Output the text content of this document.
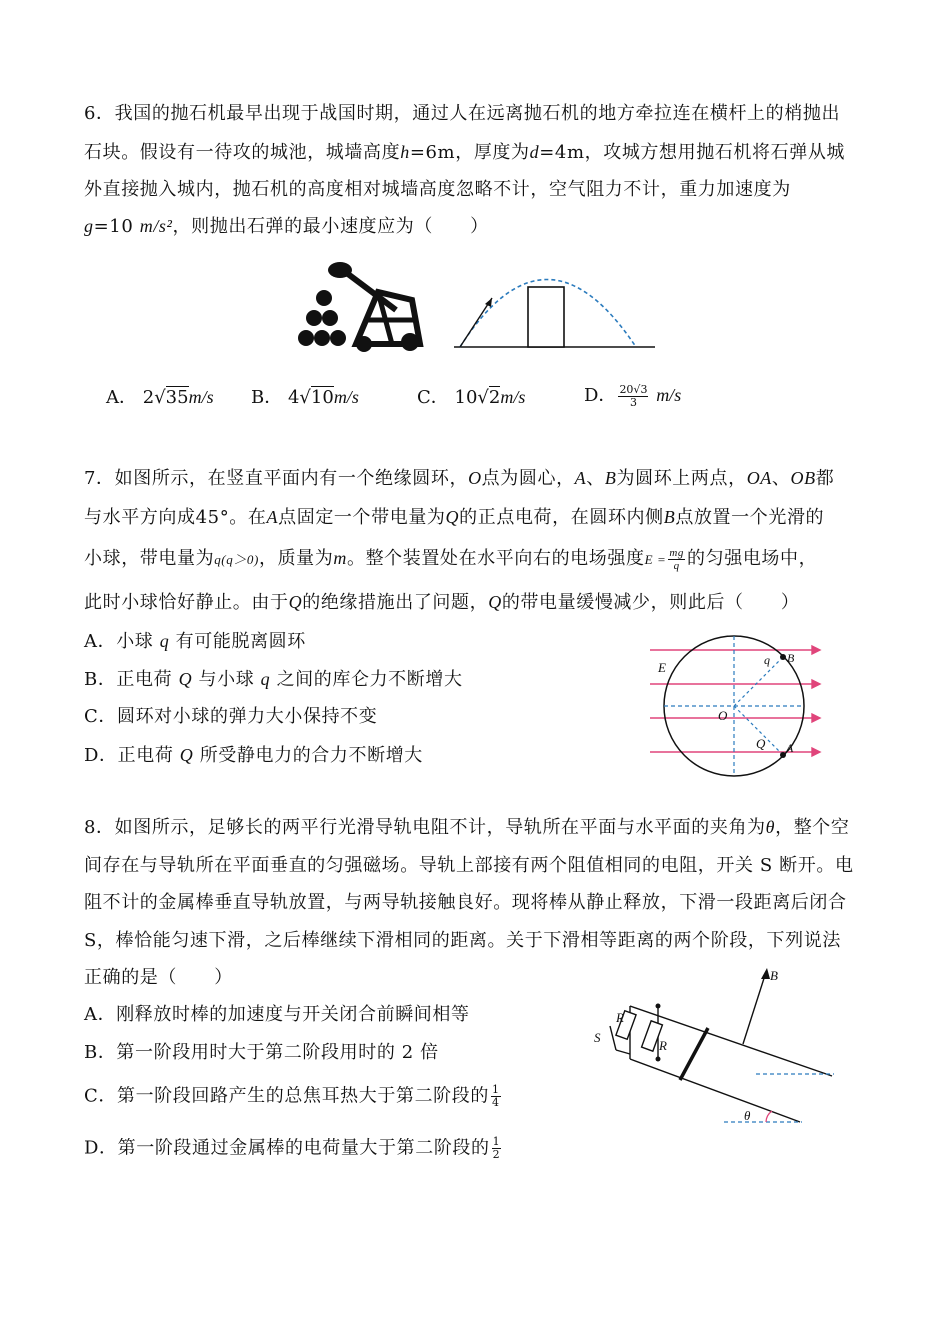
6．我国的抛石机最早出现于战国时期，通过人在远离抛石机的地方牵拉连在横杆上的梢抛出
石块。假设有一待攻的城池，城墙高度h=6m，厚度为d=4m，攻城方想用抛石机将石弹从城
外直接抛入城内，抛石机的高度相对城墙高度忽略不计，空气阻力不计，重力加速度为
g=10 m/s²，则抛出石弹的最小速度应为（　　）
A． 2√35m/s B． 4√10m/s	C． 10√2m/s	D． $\frac{20√3}{3} m/s$
7．如图所示，在竖直平面内有一个绝缘圆环，O点为圆心，A、B为圆环上两点，OA、OB都
与水平方向成45°。在A点固定一个带电量为Q的正点电荷，在圆环内侧B点放置一个光滑的
小球，带电量为q(q＞0)，质量为m。整个装置处在水平向右的电场强度$E = \frac{mg}{q}$ 的匀强电场中，
此时小球恰好静止。由于Q的绝缘措施出了问题，Q的带电量缓慢减少，则此后（　　）
A．小球 q 有可能脱离圆环
B．正电荷 Q 与小球 q 之间的库仑力不断增大
C．圆环对小球的弹力大小保持不变
D．正电荷 Q 所受静电力的合力不断增大
E
O
q B
Q A
8．如图所示，足够长的两平行光滑导轨电阻不计，导轨所在平面与水平面的夹角为θ，整个空
间存在与导轨所在平面垂直的匀强磁场。导轨上部接有两个阻值相同的电阻，开关 S 断开。电
阻不计的金属棒垂直导轨放置，与两导轨接触良好。现将棒从静止释放，下滑一段距离后闭合
S，棒恰能匀速下滑，之后棒继续下滑相同的距离。关于下滑相等距离的两个阶段，下列说法
正确的是（　　）
A．刚释放时棒的加速度与开关闭合前瞬间相等
B．第一阶段用时大于第二阶段用时的 2 倍
C．第一阶段回路产生的总焦耳热大于第二阶段的 $\frac{1}{4}$
D．第一阶段通过金属棒的电荷量大于第二阶段的 $\frac{1}{2}$
R
R
S
B
θ
